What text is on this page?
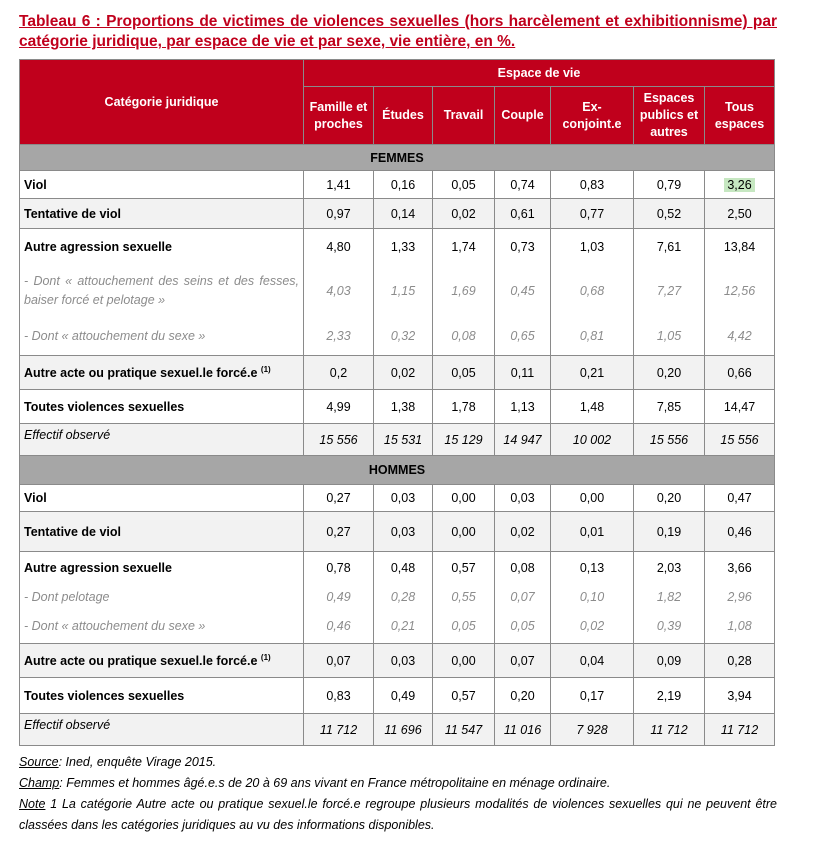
Tableau 6 : Proportions de victimes de violences sexuelles (hors harcèlement et exhibitionnisme) par catégorie juridique, par espace de vie et par sexe, vie entière, en %.
Catégorie juridique	Espace de vie						
	Famille et proches	Études	Travail	Couple	Ex-conjoint.e	Espaces publics et autres	Tous espaces
FEMMES							
Viol	1,41	0,16	0,05	0,74	0,83	0,79	3,26
Tentative de viol	0,97	0,14	0,02	0,61	0,77	0,52	2,50
Autre agression sexuelle	4,80	1,33	1,74	0,73	1,03	7,61	13,84

- Dont « attouchement des seins et des fesses, baiser forcé et pelotage »	4,03	1,15	1,69	0,45	0,68	7,27	12,56
- Dont « attouchement du sexe »	2,33	0,32	0,08	0,65	0,81	1,05	4,42
Autre acte ou pratique sexuel.le forcé.e $^{(1)}$	0,2	0,02	0,05	0,11	0,21	0,20	0,66
Toutes violences sexuelles	4,99	1,38	1,78	1,13	1,48	7,85	14,47
Effectif observé	15 556	15 531	15 129	14 947	10 002	15 556	15 556
HOMMES							
Viol	0,27	0,03	0,00	0,03	0,00	0,20	0,47
Tentative de viol	0,27	0,03	0,00	0,02	0,01	0,19	0,46
Autre agression sexuelle	0,78	0,48	0,57	0,08	0,13	2,03	3,66
- Dont pelotage	0,49	0,28	0,55	0,07	0,10	1,82	2,96
- Dont « attouchement du sexe »	0,46	0,21	0,05	0,05	0,02	0,39	1,08
Autre acte ou pratique sexuel.le forcé.e $^{(1)}$	0,07	0,03	0,00	0,07	0,04	0,09	0,28
Toutes violences sexuelles	0,83	0,49	0,57	0,20	0,17	2,19	3,94
Effectif observé	11 712	11 696	11 547	11 016	7 928	11 712	11 712
Source: Ined, enquête Virage 2015.
Champ: Femmes et hommes âgé.e.s de 20 à 69 ans vivant en France métropolitaine en ménage ordinaire.
Note 1 La catégorie Autre acte ou pratique sexuel.le forcé.e regroupe plusieurs modalités de violences sexuelles qui ne peuvent être classées dans les catégories juridiques au vu des informations disponibles.
